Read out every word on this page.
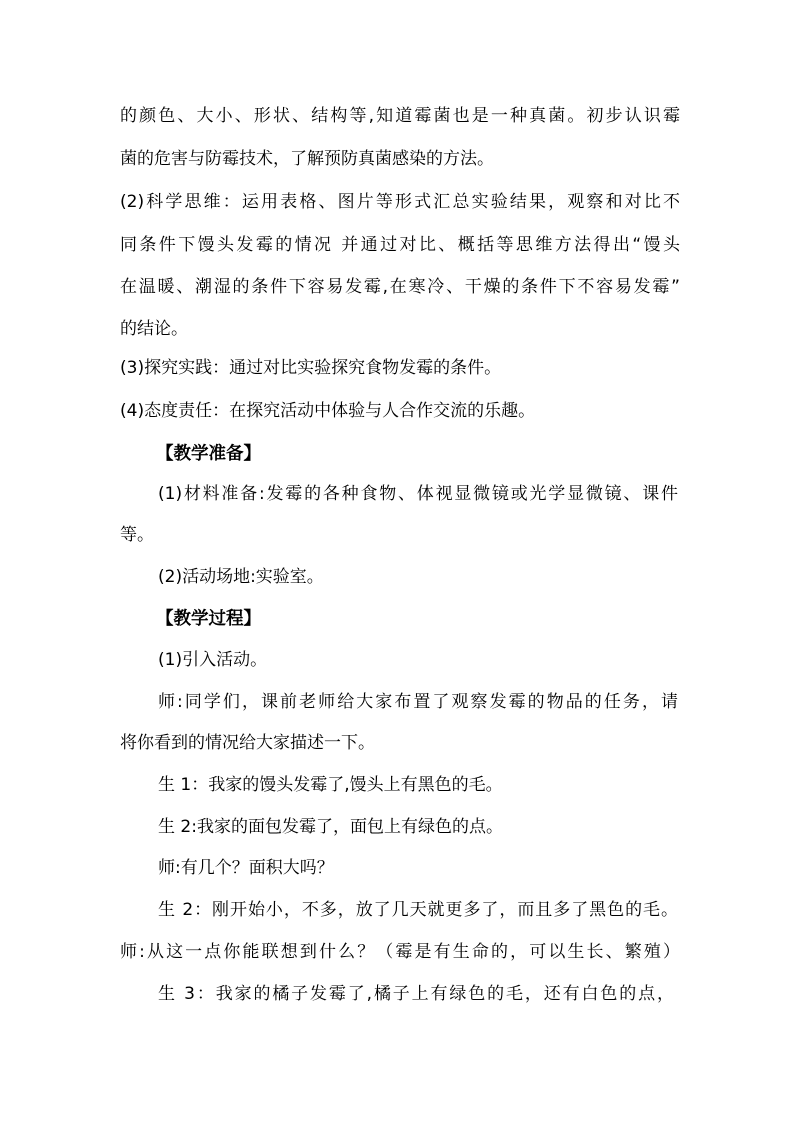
的颜色、大小、形状、结构等,知道霉菌也是一种真菌。初步认识霉
菌的危害与防霉技术，了解预防真菌感染的方法。
(2)科学思维：运用表格、图片等形式汇总实验结果，观察和对比不
同条件下馒头发霉的情况 并通过对比、概括等思维方法得出“馒头
在温暖、潮湿的条件下容易发霉,在寒冷、干燥的条件下不容易发霉”
的结论。
(3)探究实践：通过对比实验探究食物发霉的条件。
(4)态度责任：在探究活动中体验与人合作交流的乐趣。
【教学准备】
(1)材料准备:发霉的各种食物、体视显微镜或光学显微镜、课件
等。
(2)活动场地:实验室。
【教学过程】
(1)引入活动。
师:同学们，课前老师给大家布置了观察发霉的物品的任务，请
将你看到的情况给大家描述一下。
生 1：我家的馒头发霉了,馒头上有黑色的毛。
生 2:我家的面包发霉了，面包上有绿色的点。
师:有几个？面积大吗？
生 2：刚开始小，不多，放了几天就更多了，而且多了黑色的毛。
师:从这一点你能联想到什么？（霉是有生命的，可以生长、繁殖）
生 3：我家的橘子发霉了,橘子上有绿色的毛，还有白色的点，
